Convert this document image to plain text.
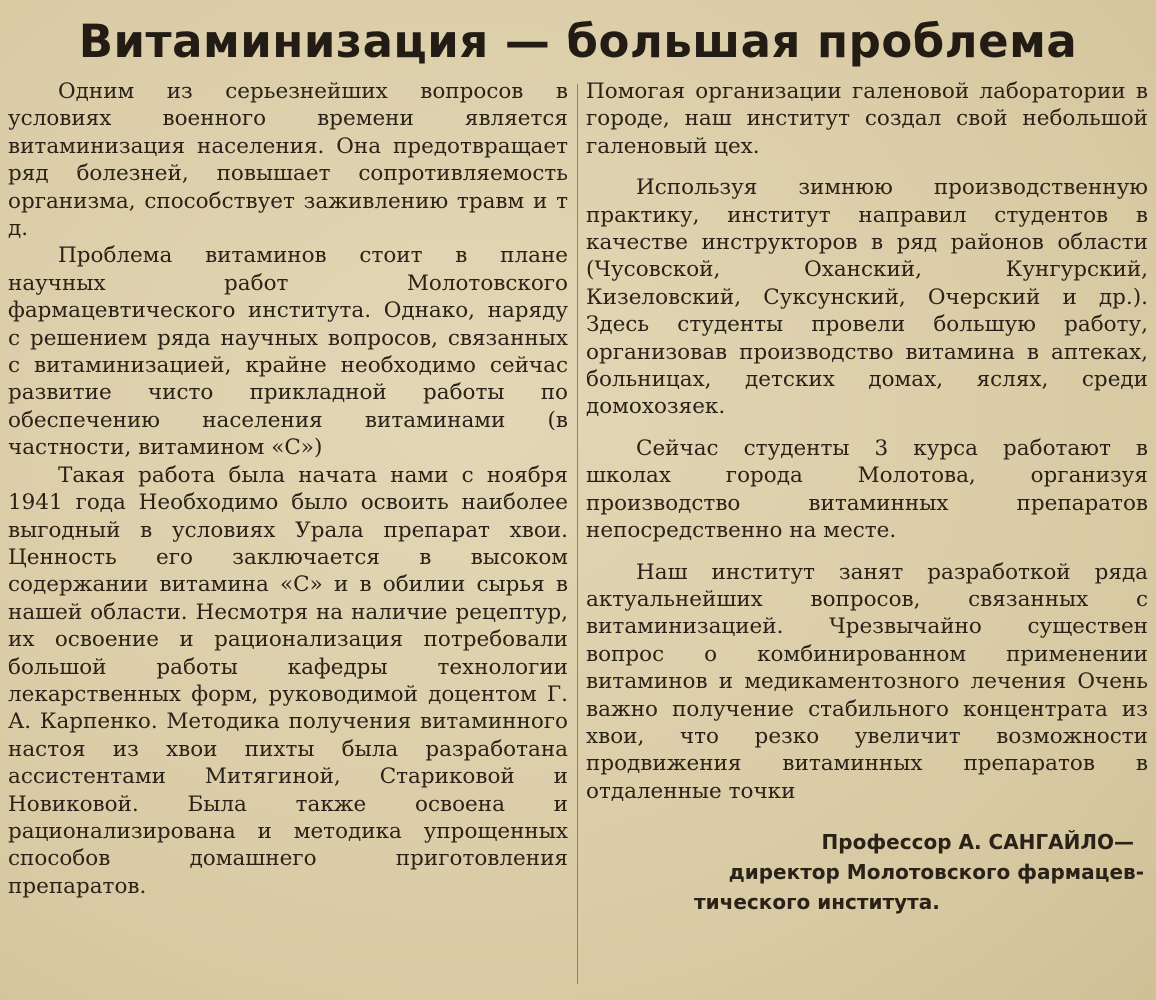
Витаминизация — большая проблема

Одним из серьезнейших вопросов в условиях военного времени является витаминизация населения. Она предотвращает ряд болезней, повышает сопротивляемость организма, способствует заживлению травм и т д.

Проблема витаминов стоит в плане научных работ Молотовского фармацевтического института. Однако, наряду с решением ряда научных вопросов, связанных с витаминизацией, крайне необходимо сейчас развитие чисто прикладной работы по обеспечению населения витаминами (в частности, витамином «С»)

Такая работа была начата нами с ноября 1941 года Необходимо было освоить наиболее выгодный в условиях Урала препарат хвои. Ценность его заключается в высоком содержании витамина «С» и в обилии сырья в нашей области. Несмотря на наличие рецептур, их освоение и рационализация потребовали большой работы кафедры технологии лекарственных форм, руководимой доцентом Г. А. Карпенко. Методика получения витаминного настоя из хвои пихты была разработана ассистентами Митягиной, Стариковой и Новиковой. Была также освоена и рационализирована и методика упрощенных способов домашнего приготовления препаратов.

Помогая организации галеновой лаборатории в городе, наш институт создал свой небольшой галеновый цех.

Используя зимнюю производственную практику, институт направил студентов в качестве инструкторов в ряд районов области (Чусовской, Оханский, Кунгурский, Кизеловский, Суксунский, Очерский и др.). Здесь студенты провели большую работу, организовав производство витамина в аптеках, больницах, детских домах, яслях, среди домохозяек.

Сейчас студенты 3 курса работают в школах города Молотова, организуя производство витаминных препаратов непосредственно на месте.

Наш институт занят разработкой ряда актуальнейших вопросов, связанных с витаминизацией. Чрезвычайно существен вопрос о комбинированном применении витаминов и медикаментозного лечения Очень важно получение стабильного концентрата из хвои, что резко увеличит возможности продвижения витаминных препаратов в отдаленные точки

Профессор А. САНГАЙЛО—
директор Молотовского фармацев-
тического института.
